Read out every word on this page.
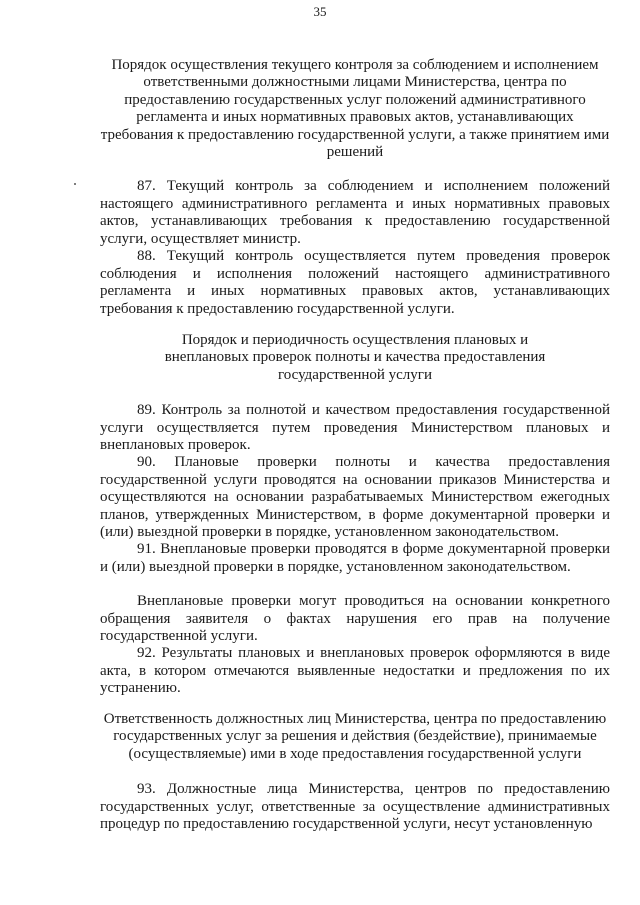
35
Порядок осуществления текущего контроля за соблюдением и исполнением ответственными должностными лицами Министерства, центра по предоставлению государственных услуг положений административного регламента и иных нормативных правовых актов, устанавливающих требования к предоставлению государственной услуги, а также принятием ими решений
87. Текущий контроль за соблюдением и исполнением положений настоящего административного регламента и иных нормативных правовых актов, устанавливающих требования к предоставлению государственной услуги, осуществляет министр.
88. Текущий контроль осуществляется путем проведения проверок соблюдения и исполнения положений настоящего административного регламента и иных нормативных правовых актов, устанавливающих требования к предоставлению государственной услуги.
Порядок и периодичность осуществления плановых и внеплановых проверок полноты и качества предоставления государственной услуги
89. Контроль за полнотой и качеством предоставления государственной услуги осуществляется путем проведения Министерством плановых и внеплановых проверок.
90. Плановые проверки полноты и качества предоставления государственной услуги проводятся на основании приказов Министерства и осуществляются на основании разрабатываемых Министерством ежегодных планов, утвержденных Министерством, в форме документарной проверки и (или) выездной проверки в порядке, установленном законодательством.
91. Внеплановые проверки проводятся в форме документарной проверки и (или) выездной проверки в порядке, установленном законодательством.
Внеплановые проверки могут проводиться на основании конкретного обращения заявителя о фактах нарушения его прав на получение государственной услуги.
92. Результаты плановых и внеплановых проверок оформляются в виде акта, в котором отмечаются выявленные недостатки и предложения по их устранению.
Ответственность должностных лиц Министерства, центра по предоставлению государственных услуг за решения и действия (бездействие), принимаемые (осуществляемые) ими в ходе предоставления государственной услуги
93. Должностные лица Министерства, центров по предоставлению государственных услуг, ответственные за осуществление административных процедур по предоставлению государственной услуги, несут установленную
